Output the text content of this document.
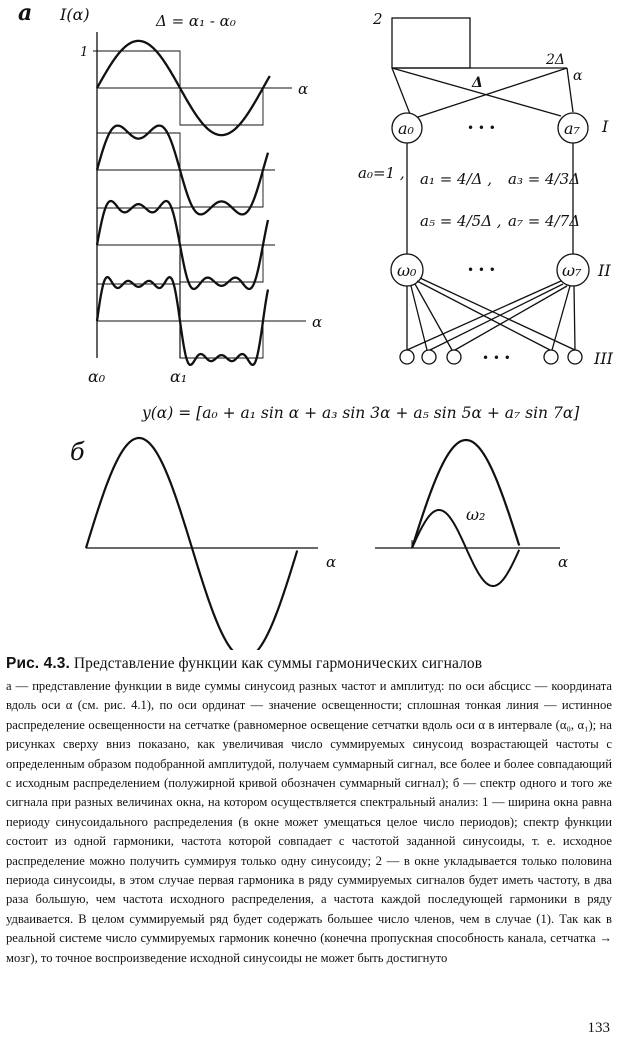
а I(α)	Δ = α₁ - α₀
1
α
α
α₀	α₁
2
2Δ
α
Δ
a₀	a₇
• • •	I
a₀=1 , a₁ = 4/Δ , a₃ = 4/3Δ
a₅ = 4/5Δ , a₇ = 4/7Δ
ω₀	ω₇
• • •	II
• • •	III
y(α) = [a₀ + a₁ sin α + a₃ sin 3α + a₅ sin 5α + a₇ sin 7α]
б
α	α
ω₂

Рис. 4.3. Представление функции как суммы гармонических сигналов

а — представление функции в виде суммы синусоид разных частот и амплитуд: по оси абсцисс — координата вдоль оси α (см. рис. 4.1), по оси ординат — значение освещенности; сплошная тонкая линия — истинное распределение освещенности на сетчатке (равномерное освещение сетчатки вдоль оси α в интервале (α₀, α₁); на рисунках сверху вниз показано, как увеличивая число суммируемых синусоид возрастающей частоты с определенным образом подобранной амплитудой, получаем суммарный сигнал, все более и более совпадающий с исходным распределением (полужирной кривой обозначен суммарный сигнал); б — спектр одного и того же сигнала при разных величинах окна, на котором осуществляется спектральный анализ: 1 — ширина окна равна периоду синусоидального распределения (в окне может умещаться целое число периодов); спектр функции состоит из одной гармоники, частота которой совпадает с частотой заданной синусоиды, т. е. исходное распределение можно получить суммируя только одну синусоиду; 2 — в окне укладывается только половина периода синусоиды, в этом случае первая гармоника в ряду суммируемых сигналов будет иметь частоту, в два раза большую, чем частота исходного распределения, а частота каждой последующей гармоники в ряду удваивается. В целом суммируемый ряд будет содержать большее число членов, чем в случае (1). Так как в реальной системе число суммируемых гармоник конечно (конечна пропускная способность канала, сетчатка → мозг), то точное воспроизведение исходной синусоиды не может быть достигнуто

133
